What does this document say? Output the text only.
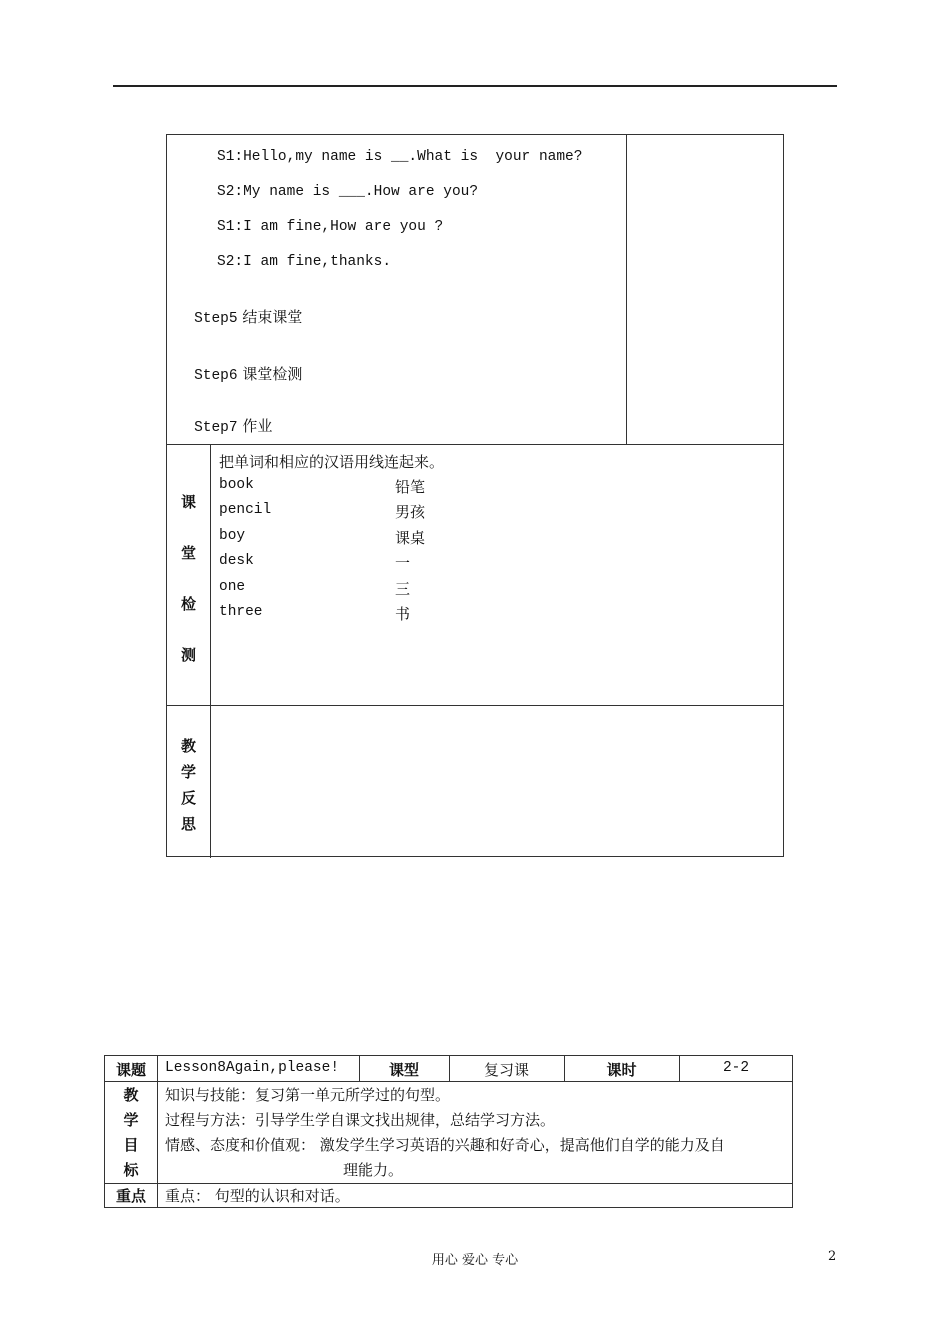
S1:Hello,my name is __.What is  your name?
S2:My name is ___.How are you?
S1:I am fine,How are you ?
S2:I am fine,thanks.

Step5 结束课堂

Step6 课堂检测

Step7 作业

课
堂
检
测
把单词和相应的汉语用线连起来。
book	铅笔
pencil	男孩
boy	课桌
desk	一
one	三
three	书
教
学
反
思
课题	Lesson8Again,please!	课型	复习课	课时	2-2
教
学
目
标
知识与技能：复习第一单元所学过的句型。
过程与方法：引导学生学自课文找出规律，总结学习方法。
情感、态度和价值观： 激发学生学习英语的兴趣和好奇心，提高他们自学的能力及自
理能力。
重点	重点： 句型的认识和对话。
用心 爱心 专心	2
